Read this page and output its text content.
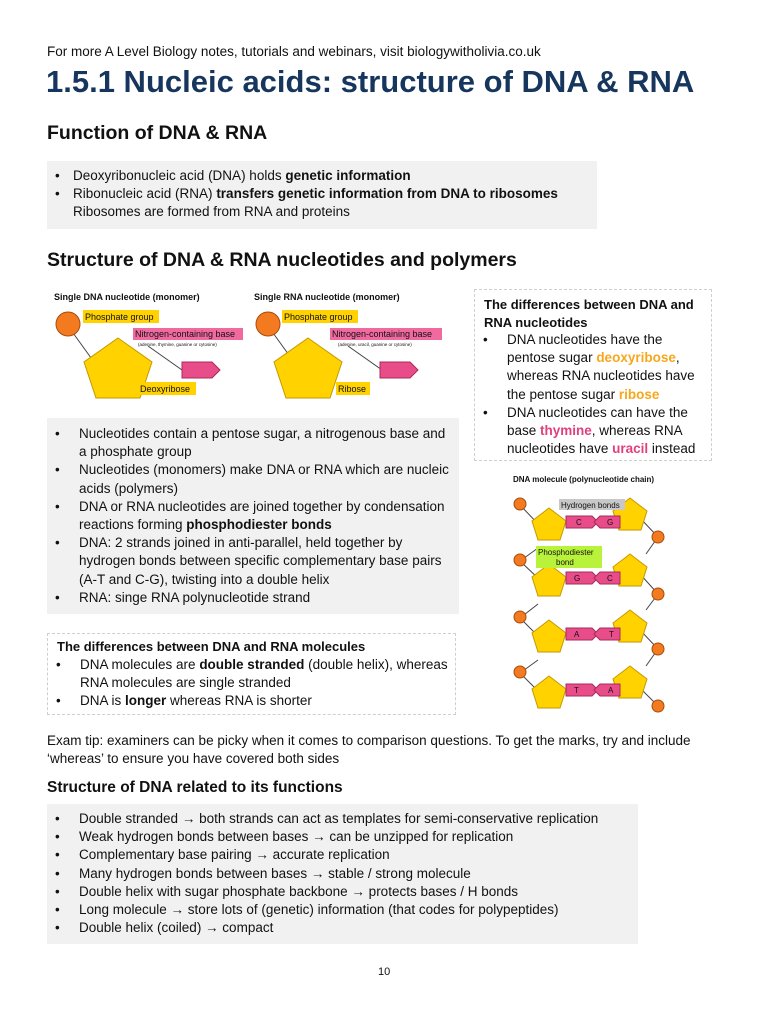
For more A Level Biology notes, tutorials and webinars, visit biologywitholivia.co.uk
1.5.1 Nucleic acids: structure of DNA & RNA
Function of DNA & RNA
• Deoxyribonucleic acid (DNA) holds genetic information
• Ribonucleic acid (RNA) transfers genetic information from DNA to ribosomes
Ribosomes are formed from RNA and proteins
Structure of DNA & RNA nucleotides and polymers
Single DNA nucleotide (monomer)
Phosphate group
Nitrogen-containing base
(adenine, thymine, guanine or cytosine)
Deoxyribose
Single RNA nucleotide (monomer)
Phosphate group
Nitrogen-containing base
(adenine, uracil, guanine or cytosine)
Ribose
The differences between DNA and RNA nucleotides
• DNA nucleotides have the pentose sugar deoxyribose, whereas RNA nucleotides have the pentose sugar ribose
• DNA nucleotides can have the base thymine, whereas RNA nucleotides have uracil instead
• Nucleotides contain a pentose sugar, a nitrogenous base and a phosphate group
• Nucleotides (monomers) make DNA or RNA which are nucleic acids (polymers)
• DNA or RNA nucleotides are joined together by condensation reactions forming phosphodiester bonds
• DNA: 2 strands joined in anti-parallel, held together by hydrogen bonds between specific complementary base pairs (A-T and C-G), twisting into a double helix
• RNA: singe RNA polynucleotide strand
DNA molecule (polynucleotide chain)
C	G
G	C
A	T
T	A
Hydrogen bonds
Phosphodiester
bond
The differences between DNA and RNA molecules
• DNA molecules are double stranded (double helix), whereas RNA molecules are single stranded
• DNA is longer whereas RNA is shorter
Exam tip: examiners can be picky when it comes to comparison questions. To get the marks, try and include ‘whereas’ to ensure you have covered both sides
Structure of DNA related to its functions
• Double stranded → both strands can act as templates for semi-conservative replication
• Weak hydrogen bonds between bases → can be unzipped for replication
• Complementary base pairing → accurate replication
• Many hydrogen bonds between bases → stable / strong molecule
• Double helix with sugar phosphate backbone → protects bases / H bonds
• Long molecule → store lots of (genetic) information (that codes for polypeptides)
• Double helix (coiled) → compact
10
